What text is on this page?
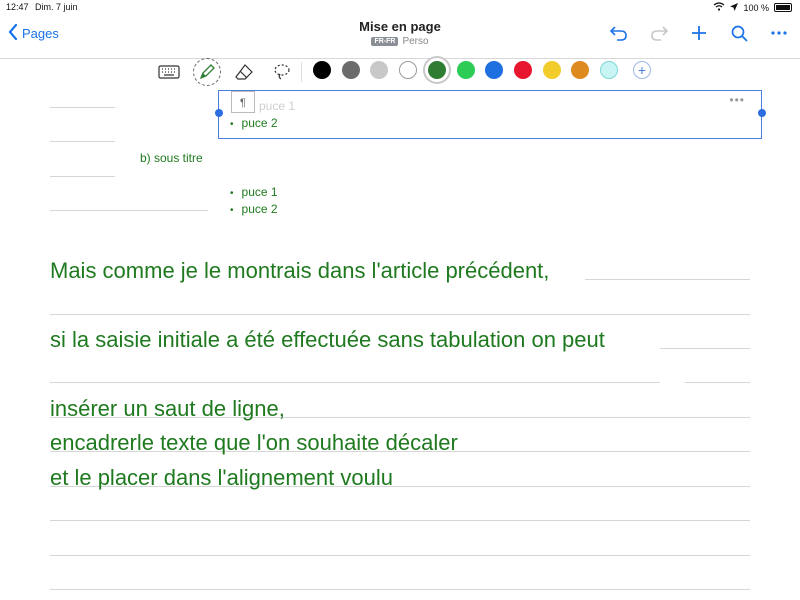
12:47 Dim. 7 juin	100 %
Pages	Mise en page
FR-FR Perso
+
¶	puce 1	•••
• puce 2
b) sous titre
• puce 1
• puce 2
Mais comme je le montrais dans l'article précédent,
si la saisie initiale a été effectuée sans tabulation on peut
insérer un saut de ligne,
encadrerle texte que l'on souhaite décaler
et le placer dans l'alignement voulu
